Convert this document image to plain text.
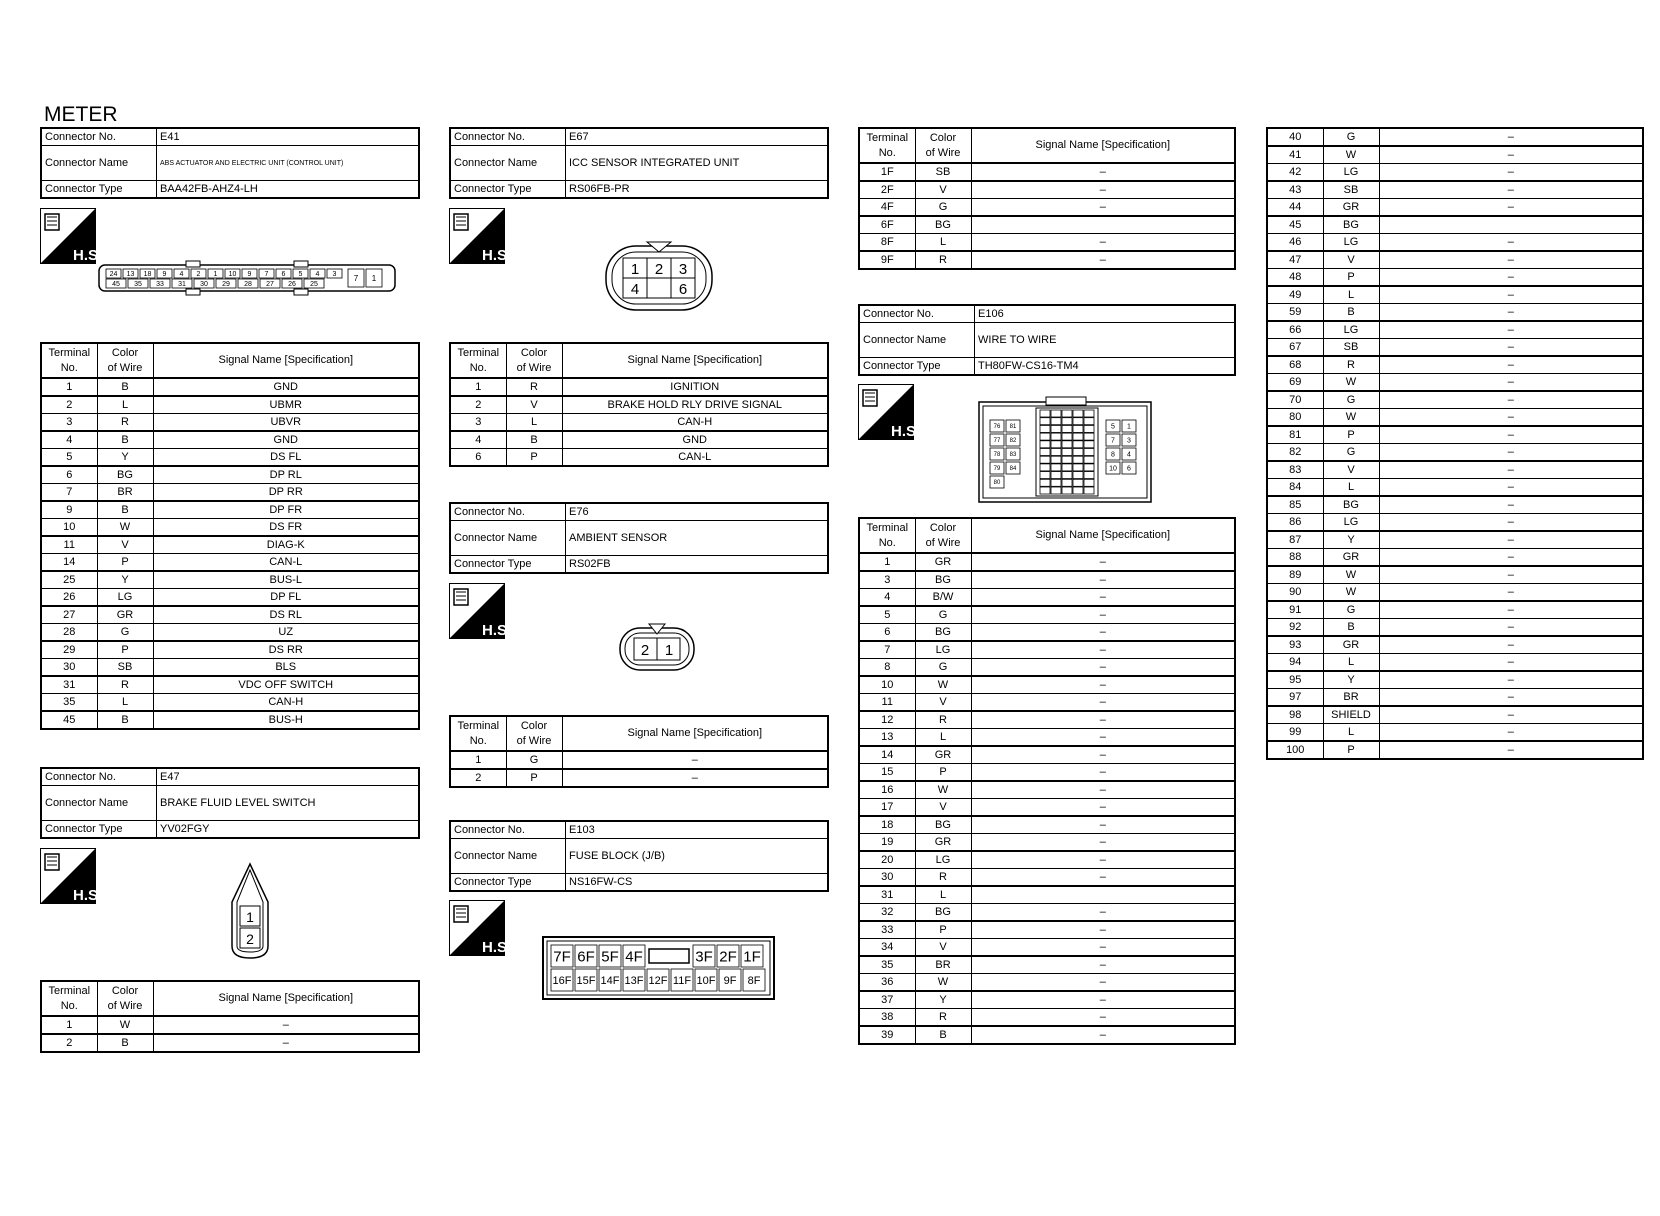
METER
Connector No.	E41
Connector Name	ABS ACTUATOR AND ELECTRIC UNIT (CONTROL UNIT)
Connector Type	BAA42FB-AHZ4-LH
H.S.
24 13 18 9 4 2 1 10 9 7 6 5 4 3
45 35 33 31 30 29 28 27 26 25
7 1
Terminal
No.	Color
of Wire	Signal Name [Specification]
1	B	GND
2	L	UBMR
3	R	UBVR
4	B	GND
5	Y	DS FL
6	BG	DP RL
7	BR	DP RR
9	B	DP FR
10	W	DS FR
11	V	DIAG-K
14	P	CAN-L
25	Y	BUS-L
26	LG	DP FL
27	GR	DS RL
28	G	UZ
29	P	DS RR
30	SB	BLS
31	R	VDC OFF SWITCH
35	L	CAN-H
45	B	BUS-H
Connector No.	E47
Connector Name	BRAKE FLUID LEVEL SWITCH
Connector Type	YV02FGY
H.S.
1
2
Terminal
No.	Color
of Wire	Signal Name [Specification]
1	W	–
2	B	–
Connector No.	E67
Connector Name	ICC SENSOR INTEGRATED UNIT
Connector Type	RS06FB-PR
H.S.
1 2 3
4	6
Terminal
No.	Color
of Wire	Signal Name [Specification]
1	R	IGNITION
2	V	BRAKE HOLD RLY DRIVE SIGNAL
3	L	CAN-H
4	B	GND
6	P	CAN-L
Connector No.	E76
Connector Name	AMBIENT SENSOR
Connector Type	RS02FB
H.S.
2 1
Terminal
No.	Color
of Wire	Signal Name [Specification]
1	G	–
2	P	–
Connector No.	E103
Connector Name	FUSE BLOCK (J/B)
Connector Type	NS16FW-CS
H.S.
7F 6F 5F 4F	3F 2F 1F
16F 15F 14F 13F 12F 11F 10F 9F 8F
Terminal
No.	Color
of Wire	Signal Name [Specification]
1F	SB	–
2F	V	–
4F	G	–
6F	BG	
8F	L	–
9F	R	–
Connector No.	E106
Connector Name	WIRE TO WIRE
Connector Type	TH80FW-CS16-TM4
H.S.	76 81
77 82
78 83
79 84
80
5 1
7 3
8 4
10 6
Terminal
No.	Color
of Wire	Signal Name [Specification]
1	GR	–
3	BG	–
4	B/W	–
5	G	–
6	BG	–
7	LG	–
8	G	–
10	W	–
11	V	–
12	R	–
13	L	–
14	GR	–
15	P	–
16	W	–
17	V	–
18	BG	–
19	GR	–
20	LG	–
30	R	–
31	L	
32	BG	–
33	P	–
34	V	–
35	BR	–
36	W	–
37	Y	–
38	R	–
39	B	–
40	G	–
41	W	–
42	LG	–
43	SB	–
44	GR	–
45	BG	
46	LG	–
47	V	–
48	P	–
49	L	–
59	B	–
66	LG	–
67	SB	–
68	R	–
69	W	–
70	G	–
80	W	–
81	P	–
82	G	–
83	V	–
84	L	–
85	BG	–
86	LG	–
87	Y	–
88	GR	–
89	W	–
90	W	–
91	G	–
92	B	–
93	GR	–
94	L	–
95	Y	–
97	BR	–
98	SHIELD	–
99	L	–
100	P	–
